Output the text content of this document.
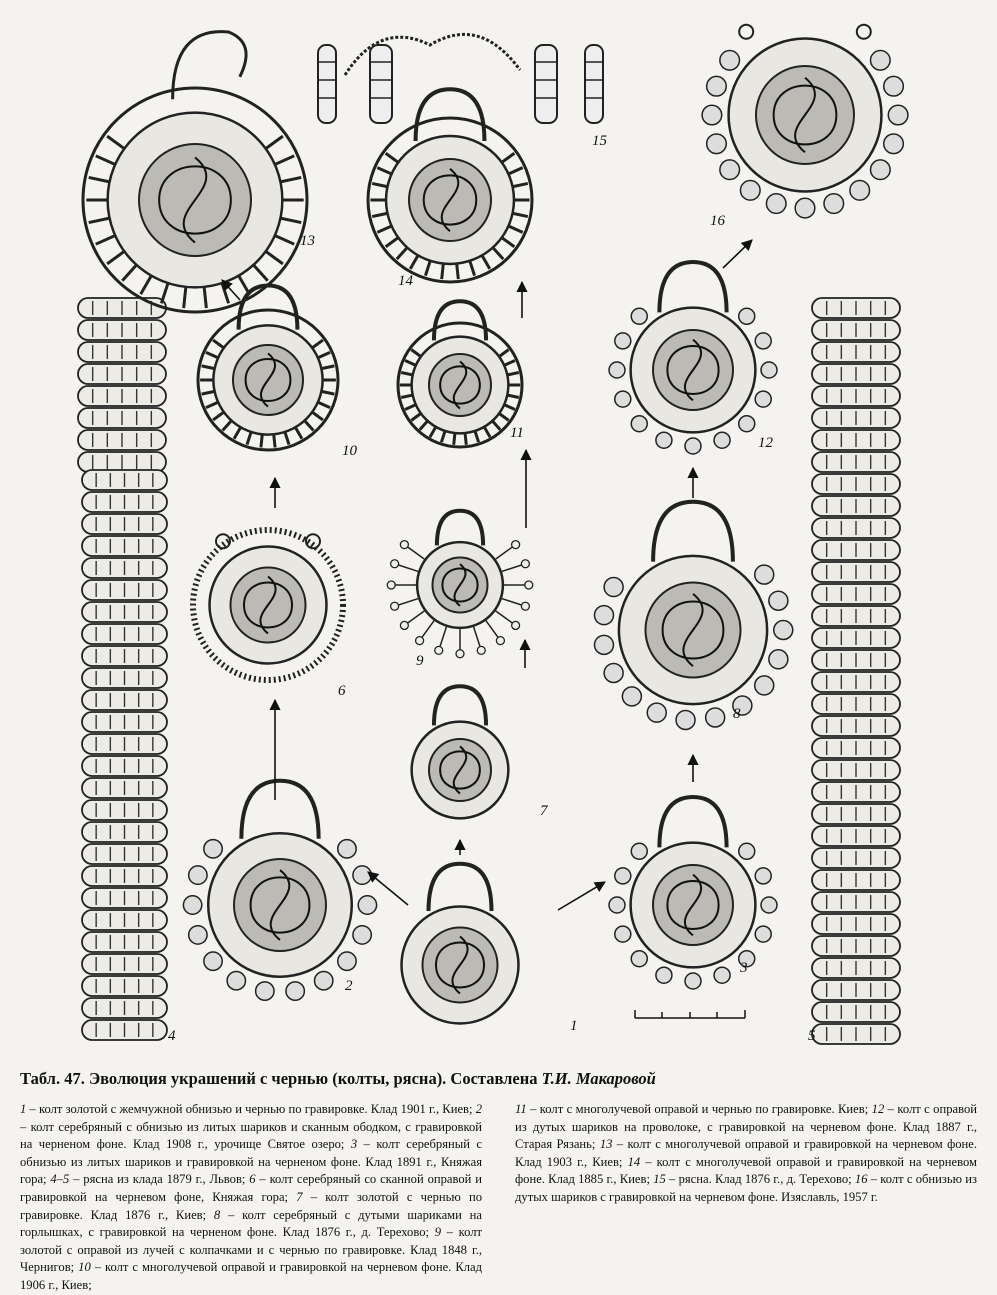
1
2
3
4	5
6
7
8
9
10
11
12
13
14
15
16
Табл. 47. Эволюция украшений с чернью (колты, рясна). Составлена Т.И. Макаровой

1 – колт золотой с жемчужной обнизью и чернью по гравировке. Клад 1901 г., Киев; 2 – колт серебряный с обнизью из литых шариков и сканным ободком, с гравировкой на черненом фоне. Клад 1908 г., урочище Святое озеро; 3 – колт серебряный с обнизью из литых шариков и гравировкой на черненом фоне. Клад 1891 г., Княжая гора; 4–5 – рясна из клада 1879 г., Львов; 6 – колт серебряный со сканной оправой и гравировкой на черневом фоне, Княжая гора; 7 – колт золотой с чернью по гравировке. Клад 1876 г., Киев; 8 – колт серебряный с дутыми шариками на горлышках, с гравировкой на черненом фоне. Клад 1876 г., д. Терехово; 9 – колт золотой с оправой из лучей с колпачками и с чернью по гравировке. Клад 1848 г., Чернигов; 10 – колт с многолучевой оправой и гравировкой на черневом фоне. Клад 1906 г., Киев;

11 – колт с многолучевой оправой и чернью по гравировке. Киев; 12 – колт с оправой из дутых шариков на проволоке, с гравировкой на черневом фоне. Клад 1887 г., Старая Рязань; 13 – колт с многолучевой оправой и гравировкой на черневом фоне. Клад 1903 г., Киев; 14 – колт с многолучевой оправой и гравировкой на черневом фоне. Клад 1885 г., Киев; 15 – рясна. Клад 1876 г., д. Терехово; 16 – колт с обнизью из дутых шариков с гравировкой на черневом фоне. Изяславль, 1957 г.
